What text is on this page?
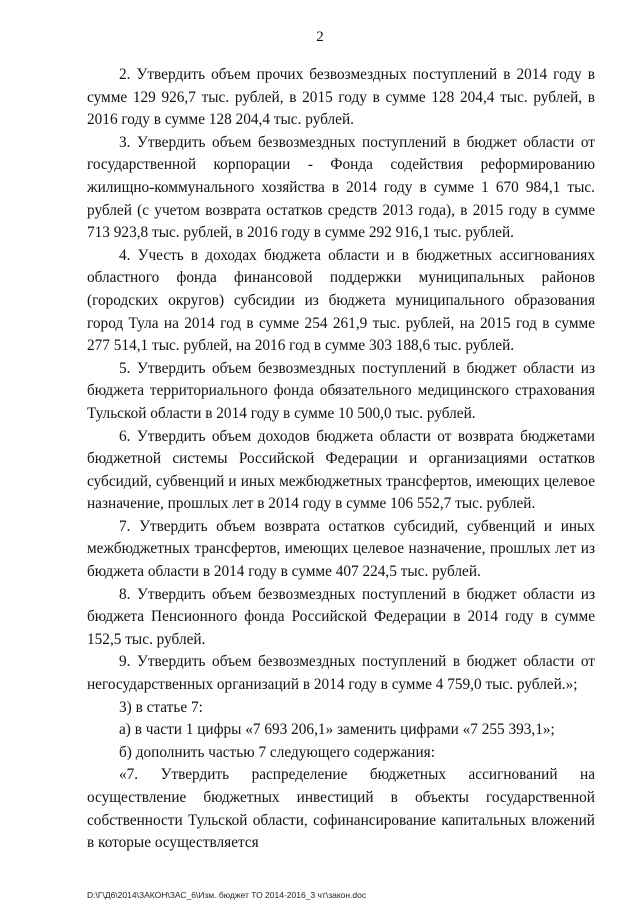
2

2. Утвердить объем прочих безвозмездных поступлений в 2014 году в сумме 129 926,7 тыс. рублей, в 2015 году в сумме 128 204,4 тыс. рублей, в 2016 году в сумме 128 204,4 тыс. рублей.

3. Утвердить объем безвозмездных поступлений в бюджет области от государственной корпорации - Фонда содействия реформированию жилищно-коммунального хозяйства в 2014 году в сумме 1 670 984,1 тыс. рублей (с учетом возврата остатков средств 2013 года), в 2015 году в сумме 713 923,8 тыс. рублей, в 2016 году в сумме 292 916,1 тыс. рублей.

4. Учесть в доходах бюджета области и в бюджетных ассигнованиях областного фонда финансовой поддержки муниципальных районов (городских округов) субсидии из бюджета муниципального образования город Тула на 2014 год в сумме 254 261,9 тыс. рублей, на 2015 год в сумме 277 514,1 тыс. рублей, на 2016 год в сумме 303 188,6 тыс. рублей.

5. Утвердить объем безвозмездных поступлений в бюджет области из бюджета территориального фонда обязательного медицинского страхования Тульской области в 2014 году в сумме 10 500,0 тыс. рублей.

6. Утвердить объем доходов бюджета области от возврата бюджетами бюджетной системы Российской Федерации и организациями остатков субсидий, субвенций и иных межбюджетных трансфертов, имеющих целевое назначение, прошлых лет в 2014 году в сумме 106 552,7 тыс. рублей.

7. Утвердить объем возврата остатков субсидий, субвенций и иных межбюджетных трансфертов, имеющих целевое назначение, прошлых лет из бюджета области в 2014 году в сумме 407 224,5 тыс. рублей.

8. Утвердить объем безвозмездных поступлений в бюджет области из бюджета Пенсионного фонда Российской Федерации в 2014 году в сумме 152,5 тыс. рублей.

9. Утвердить объем безвозмездных поступлений в бюджет области от негосударственных организаций в 2014 году в сумме 4 759,0 тыс. рублей.»;

3) в статье 7:

а) в части 1 цифры «7 693 206,1» заменить цифрами «7 255 393,1»;

б) дополнить частью 7 следующего содержания:

«7. Утвердить распределение бюджетных ассигнований на осуществление бюджетных инвестиций в объекты государственной собственности Тульской области, софинансирование капитальных вложений в которые осуществляется

D:\Г\Д6\2014\ЗАКОН\ЗАС_6\Изм. бюджет ТО 2014-2016_3 чт\закон.doc
